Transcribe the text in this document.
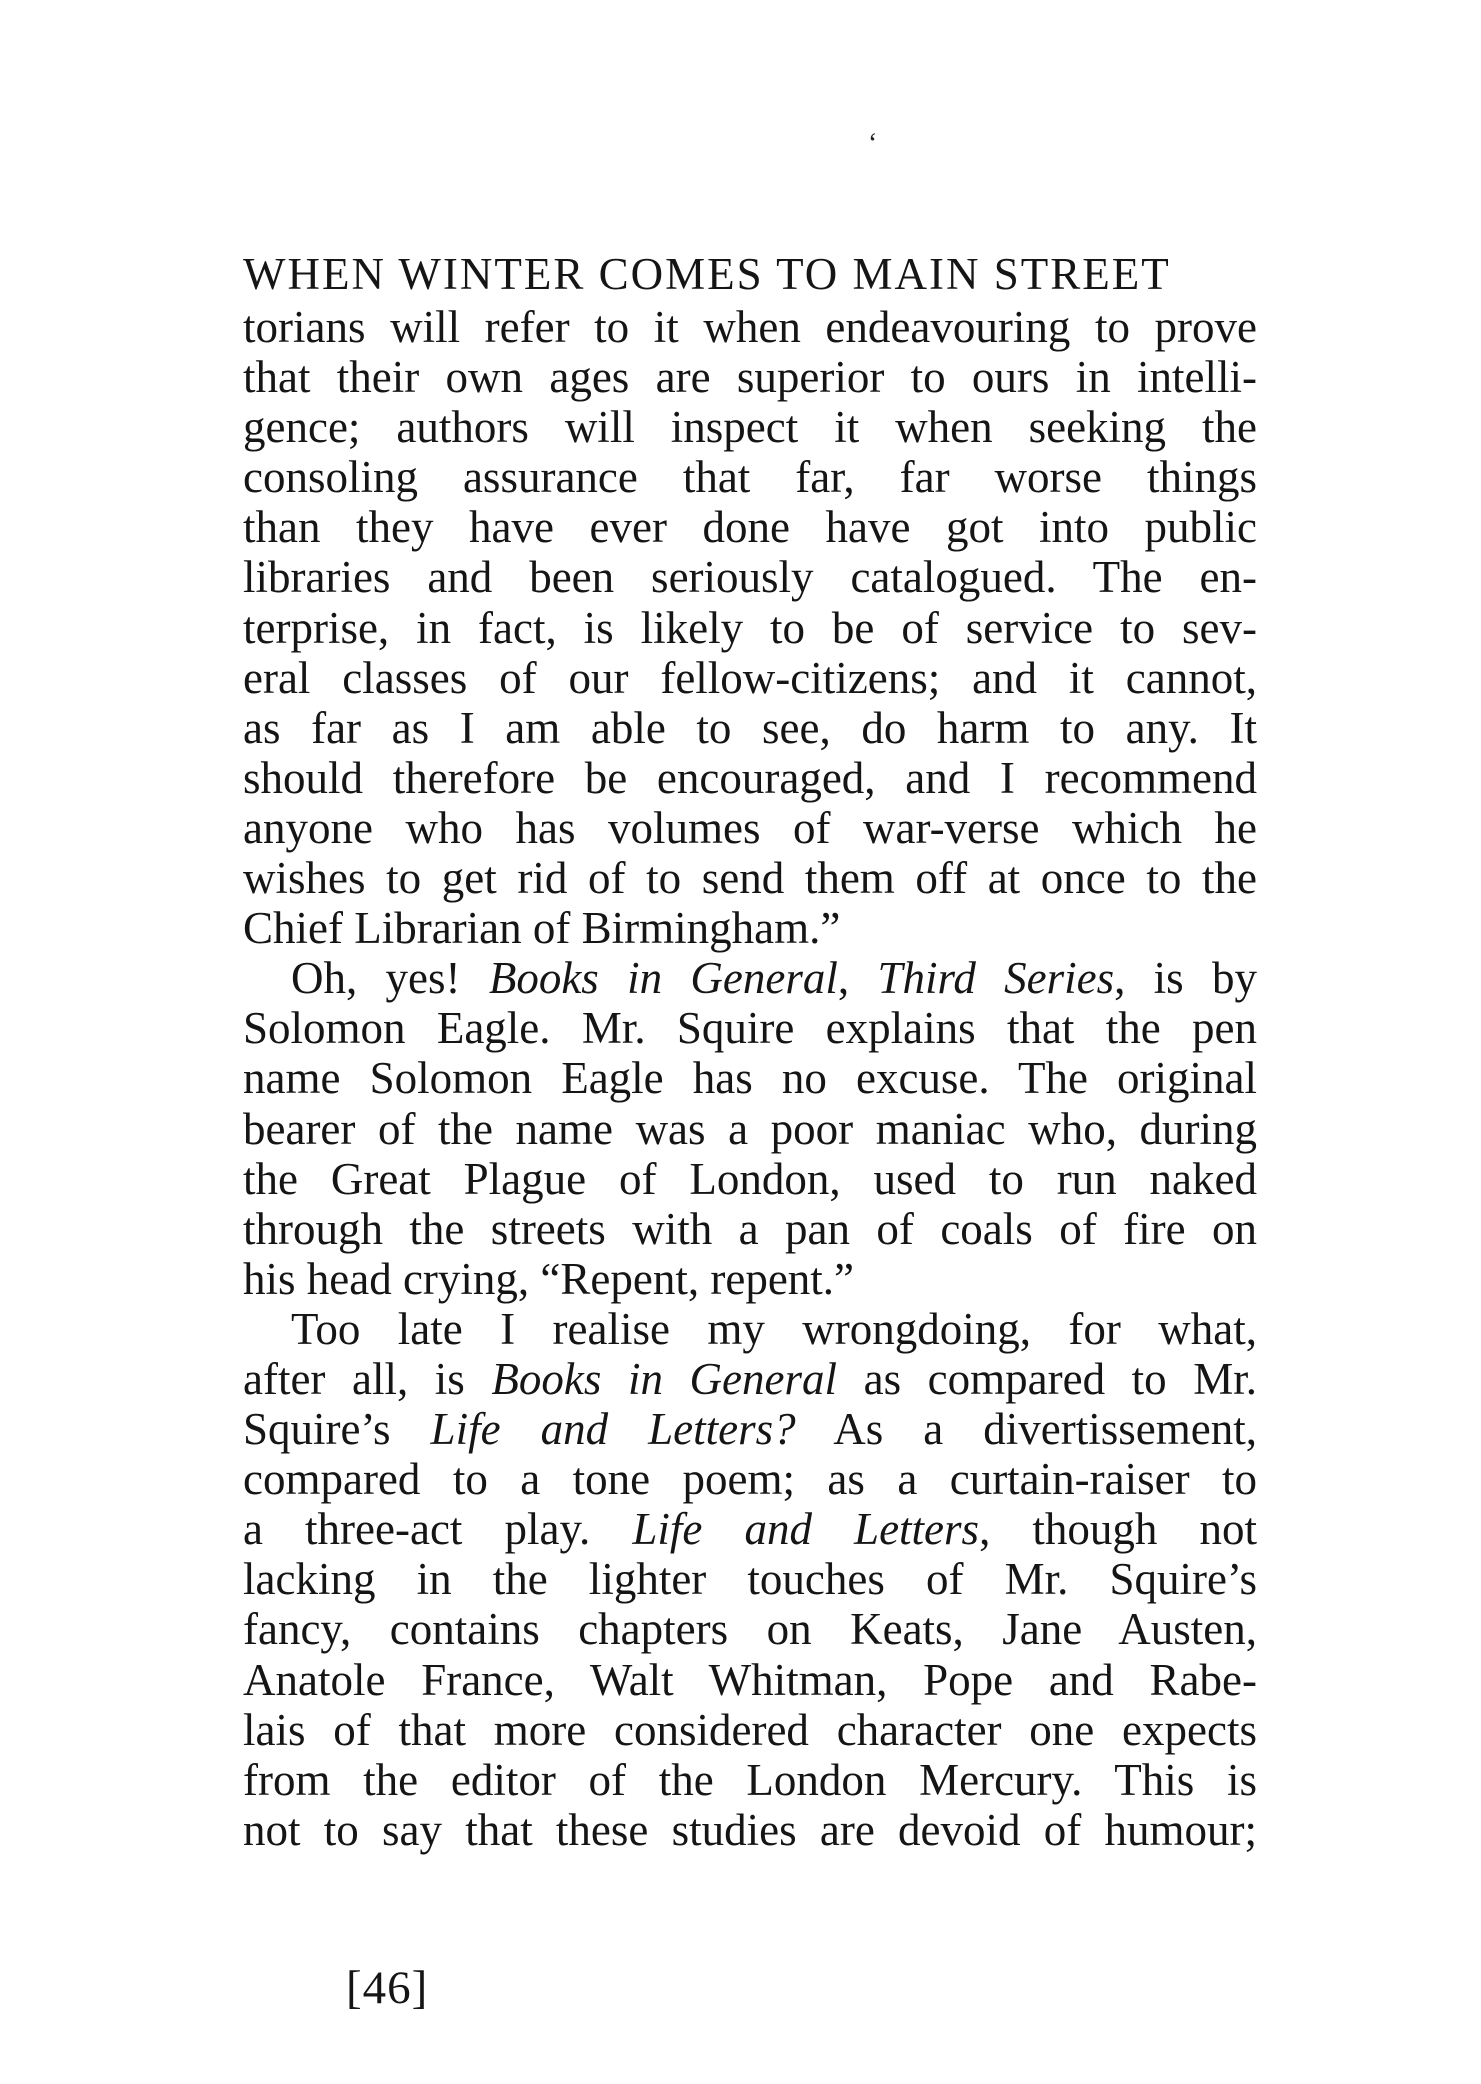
ʻ
WHEN WINTER COMES TO MAIN STREET
torians will refer to it when endeavouring to prove
that their own ages are superior to ours in intelli-
gence; authors will inspect it when seeking the
consoling assurance that far, far worse things
than they have ever done have got into public
libraries and been seriously catalogued. The en-
terprise, in fact, is likely to be of service to sev-
eral classes of our fellow-citizens; and it cannot,
as far as I am able to see, do harm to any. It
should therefore be encouraged, and I recommend
anyone who has volumes of war-verse which he
wishes to get rid of to send them off at once to the
Chief Librarian of Birmingham.”
Oh, yes! Books in General, Third Series, is by
Solomon Eagle. Mr. Squire explains that the pen
name Solomon Eagle has no excuse. The original
bearer of the name was a poor maniac who, during
the Great Plague of London, used to run naked
through the streets with a pan of coals of fire on
his head crying, “Repent, repent.”
Too late I realise my wrongdoing, for what,
after all, is Books in General as compared to Mr.
Squire’s Life and Letters? As a divertissement,
compared to a tone poem; as a curtain-raiser to
a three-act play. Life and Letters, though not
lacking in the lighter touches of Mr. Squire’s
fancy, contains chapters on Keats, Jane Austen,
Anatole France, Walt Whitman, Pope and Rabe-
lais of that more considered character one expects
from the editor of the London Mercury. This is
not to say that these studies are devoid of humour;
[46]
